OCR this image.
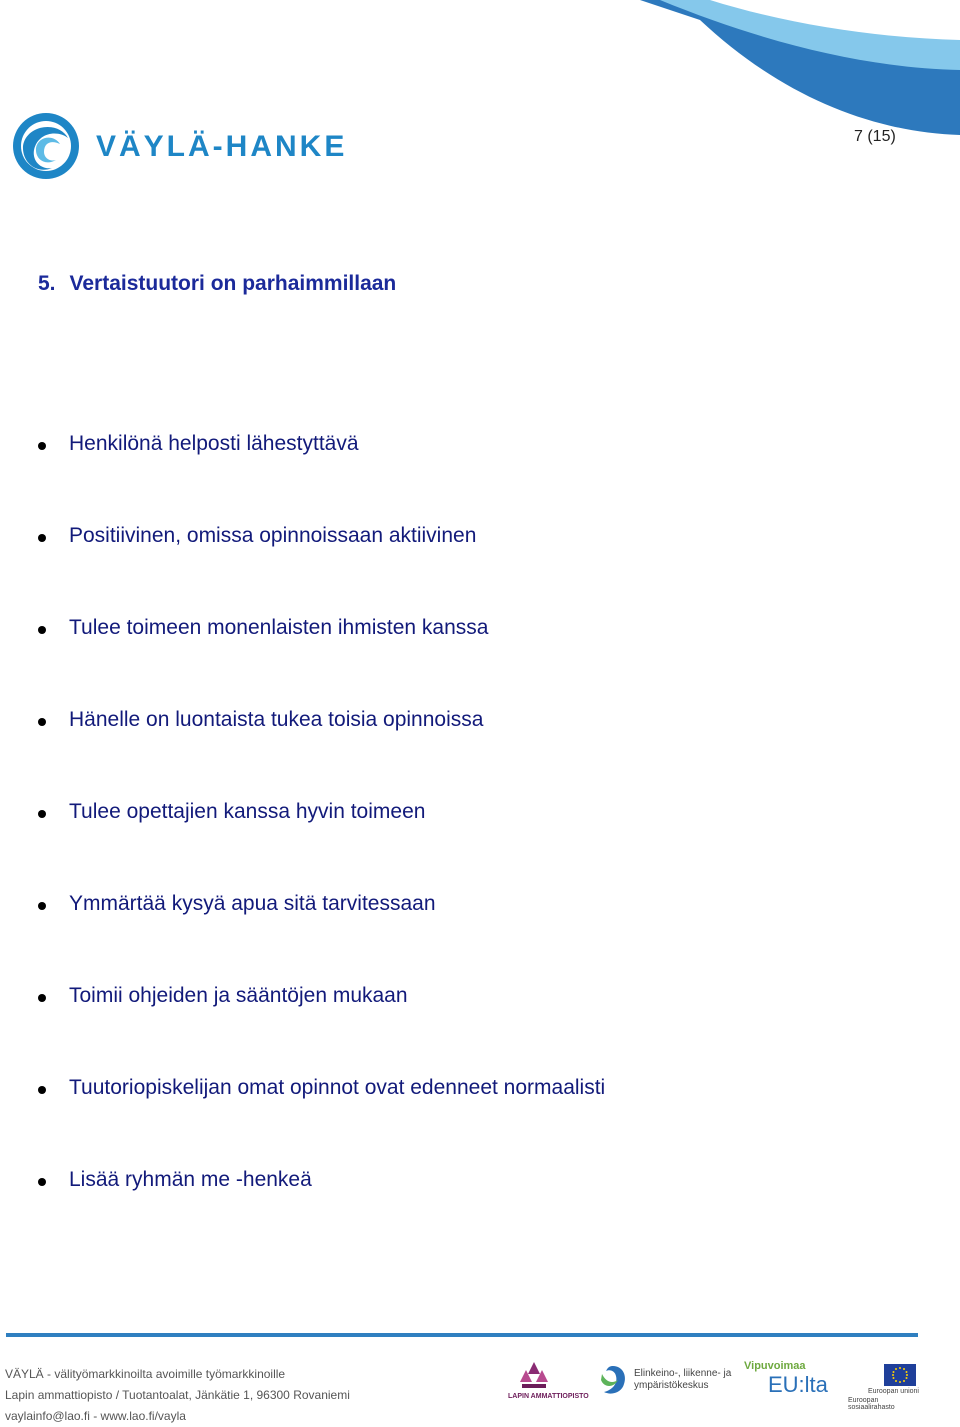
7 (15)
VÄYLÄ-HANKE
5. Vertaistuutori on parhaimmillaan
Henkilönä helposti lähestyttävä
Positiivinen, omissa opinnoissaan aktiivinen
Tulee toimeen monenlaisten ihmisten kanssa
Hänelle on luontaista tukea toisia opinnoissa
Tulee opettajien kanssa hyvin toimeen
Ymmärtää kysyä apua sitä tarvitessaan
Toimii ohjeiden ja sääntöjen mukaan
Tuutoriopiskelijan omat opinnot ovat edenneet normaalisti
Lisää ryhmän me -henkeä
VÄYLÄ - välityömarkkinoilta avoimille työmarkkinoille
Lapin ammattiopisto / Tuotantoalat, Jänkätie 1, 96300 Rovaniemi
vaylainfo@lao.fi - www.lao.fi/vayla
LAPIN AMMATTIOPISTO
Elinkeino-, liikenne- ja
ympäristökeskus
Vipuvoimaa
EU:lta	Euroopan unioni
Euroopan sosiaalirahasto
